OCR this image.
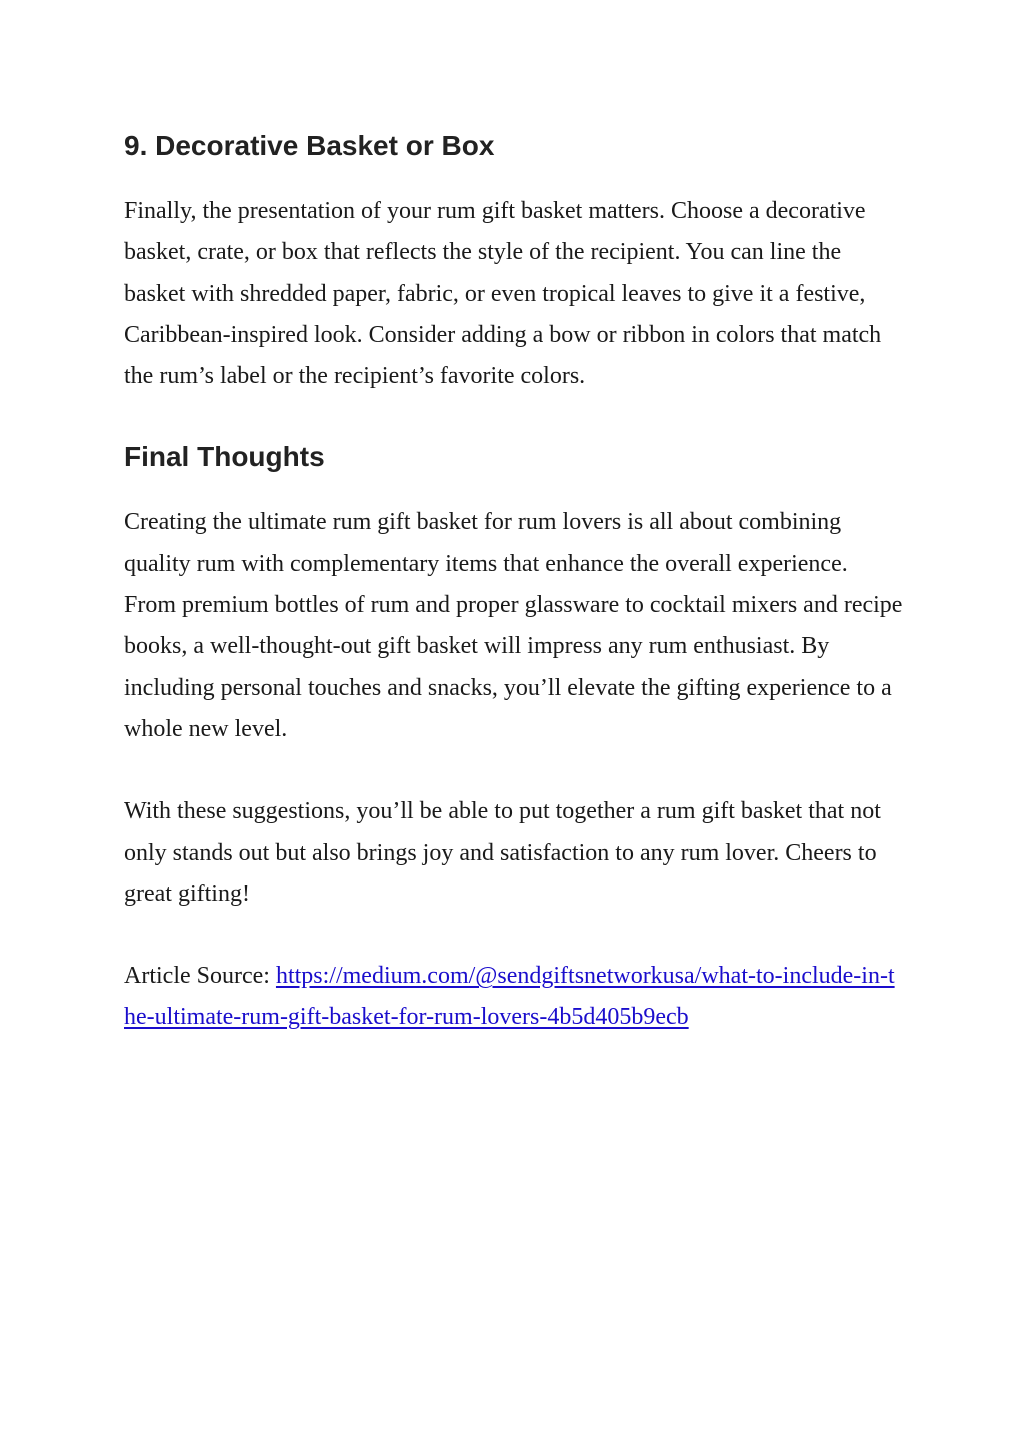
9. Decorative Basket or Box

Finally, the presentation of your rum gift basket matters. Choose a decorative basket, crate, or box that reflects the style of the recipient. You can line the basket with shredded paper, fabric, or even tropical leaves to give it a festive, Caribbean-inspired look. Consider adding a bow or ribbon in colors that match the rum’s label or the recipient’s favorite colors.

Final Thoughts

Creating the ultimate rum gift basket for rum lovers is all about combining quality rum with complementary items that enhance the overall experience. From premium bottles of rum and proper glassware to cocktail mixers and recipe books, a well-thought-out gift basket will impress any rum enthusiast. By including personal touches and snacks, you’ll elevate the gifting experience to a whole new level.

With these suggestions, you’ll be able to put together a rum gift basket that not only stands out but also brings joy and satisfaction to any rum lover. Cheers to great gifting!

Article Source: https://medium.com/@sendgiftsnetworkusa/what-to-include-in-the-ultimate-rum-gift-basket-for-rum-lovers-4b5d405b9ecb
